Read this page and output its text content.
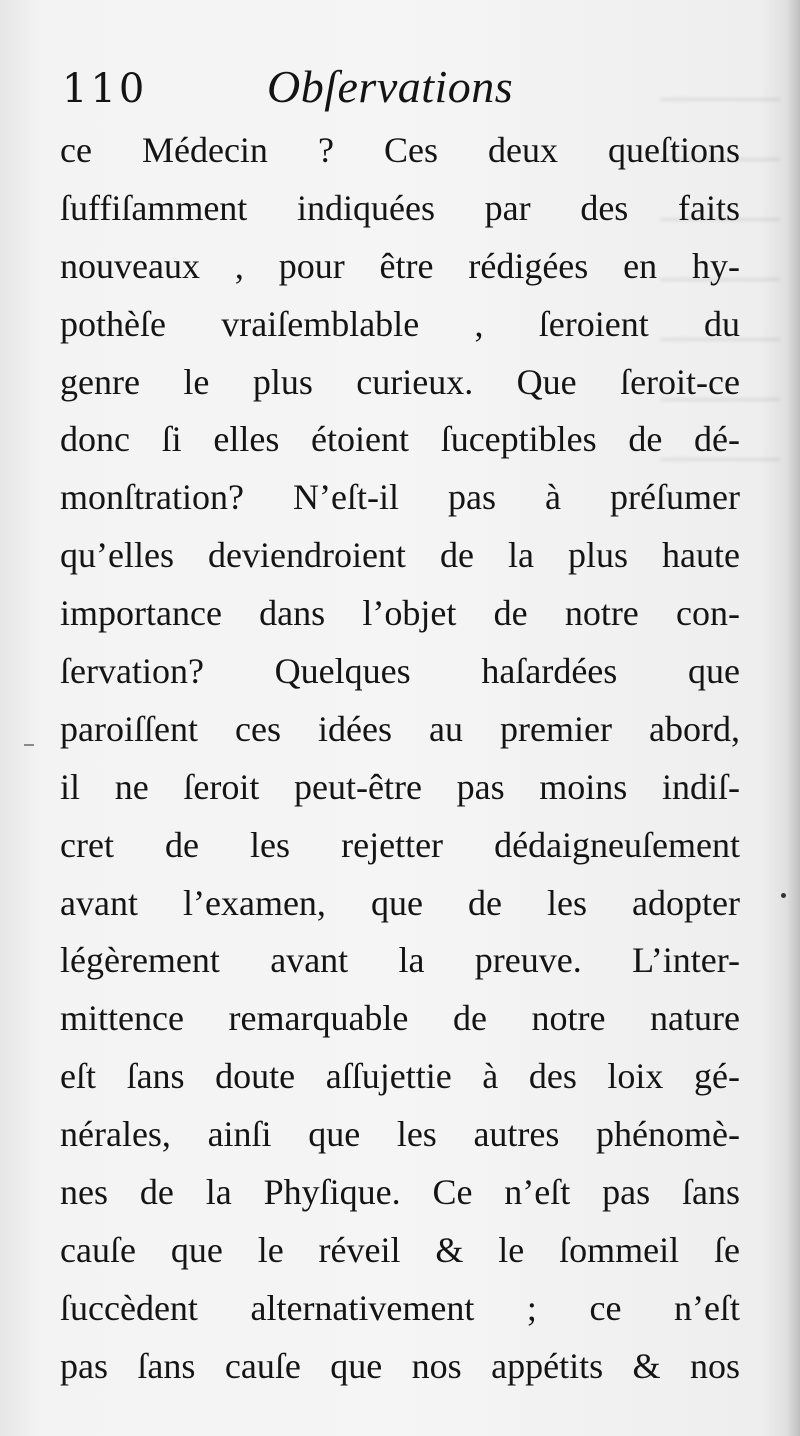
110	Obſervations
ce Médecin ? Ces deux queſtions
ſuffiſamment indiquées par des faits
nouveaux , pour être rédigées en hy-
pothèſe vraiſemblable , ſeroient du
genre le plus curieux. Que ſeroit-ce
donc ſi elles étoient ſuceptibles de dé-
monſtration? N’eſt-il pas à préſumer
qu’elles deviendroient de la plus haute
importance dans l’objet de notre con-
ſervation? Quelques haſardées que
paroiſſent ces idées au premier abord,
il ne ſeroit peut-être pas moins indiſ-
cret de les rejetter dédaigneuſement
avant l’examen, que de les adopter
légèrement avant la preuve. L’inter-
mittence remarquable de notre nature
eſt ſans doute aſſujettie à des loix gé-
nérales, ainſi que les autres phénomè-
nes de la Phyſique. Ce n’eſt pas ſans
cauſe que le réveil & le ſommeil ſe
ſuccèdent alternativement ; ce n’eſt
pas ſans cauſe que nos appétits & nos
